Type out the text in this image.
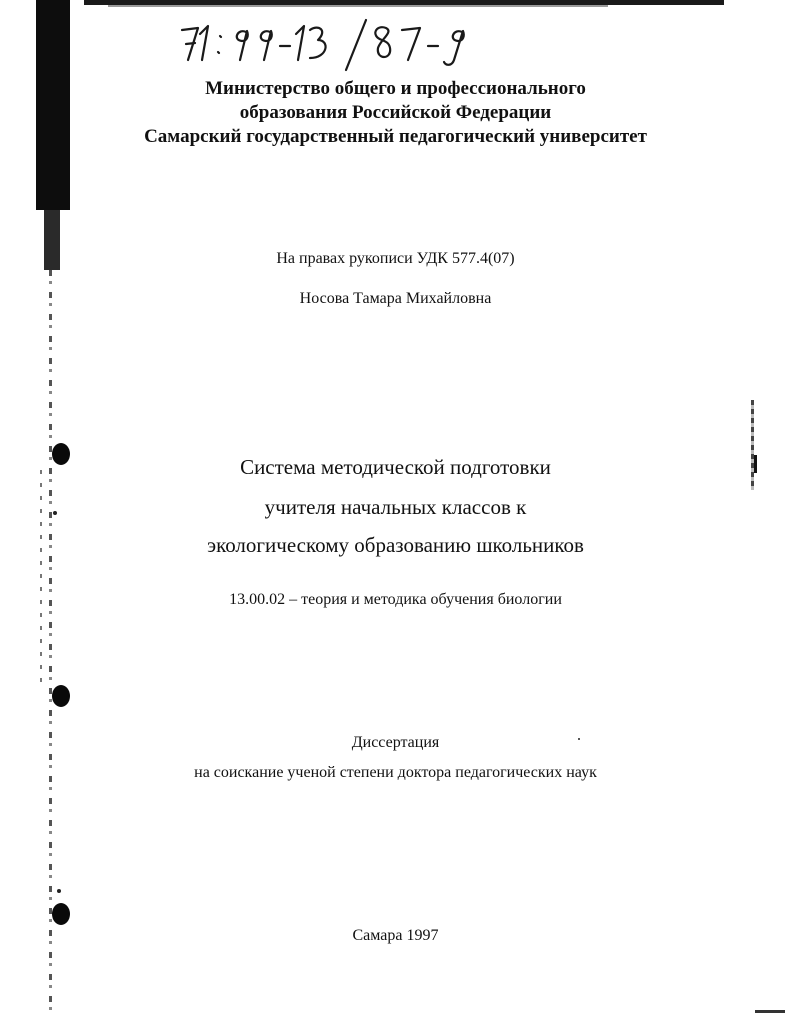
Министерство общего и профессионального
образования Российской Федерации
Самарский государственный педагогический университет
На правах рукописи УДК 577.4(07)
Носова Тамара Михайловна
Система методической подготовки
учителя начальных классов к
экологическому образованию школьников
13.00.02 – теория и методика обучения биологии
Диссертация
на соискание ученой степени доктора педагогических наук
Самара 1997
